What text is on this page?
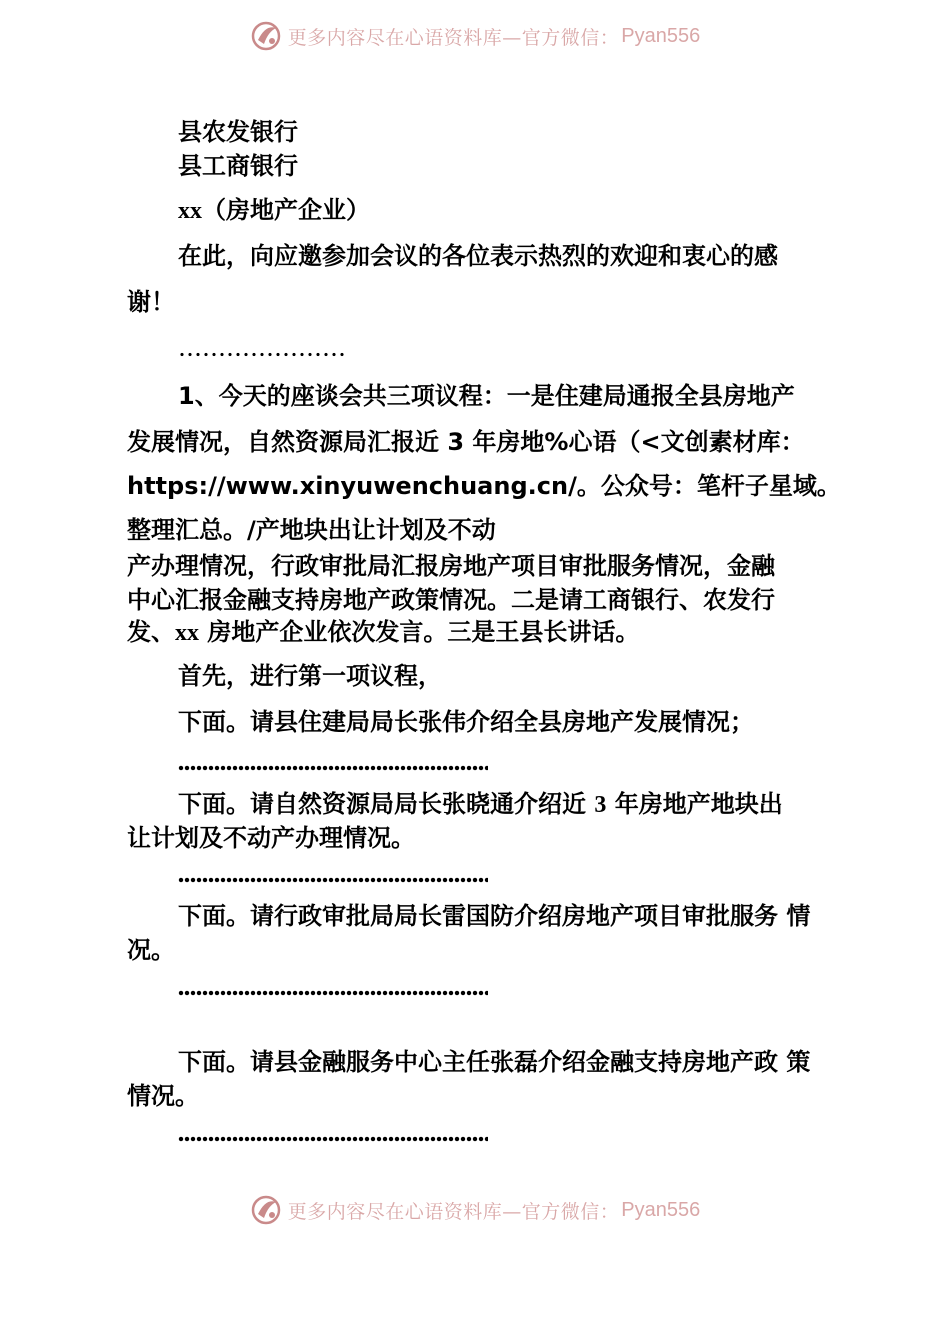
更多内容尽在心语资料库—官方微信： Pyan556
县农发银行
县工商银行
xx（房地产企业）
在此，向应邀参加会议的各位表示热烈的欢迎和衷心的感
谢！
1、今天的座谈会共三项议程：一是住建局通报全县房地产
发展情况，自然资源局汇报近 3 年房地%心语（<文创素材库：
https://www.xinyuwenchuang.cn/。公众号：笔杆子星域。
整理汇总。/产地块出让计划及不动
产办理情况，行政审批局汇报房地产项目审批服务情况，金融
中心汇报金融支持房地产政策情况。二是请工商银行、农发行
发、xx 房地产企业依次发言。三是王县长讲话。
首先，进行第一项议程，
下面。请县住建局局长张伟介绍全县房地产发展情况；
下面。请自然资源局局长张晓通介绍近 3 年房地产地块出
让计划及不动产办理情况。
下面。请行政审批局局长雷国防介绍房地产项目审批服务 情
况。
下面。请县金融服务中心主任张磊介绍金融支持房地产政 策
情况。
更多内容尽在心语资料库—官方微信： Pyan556
